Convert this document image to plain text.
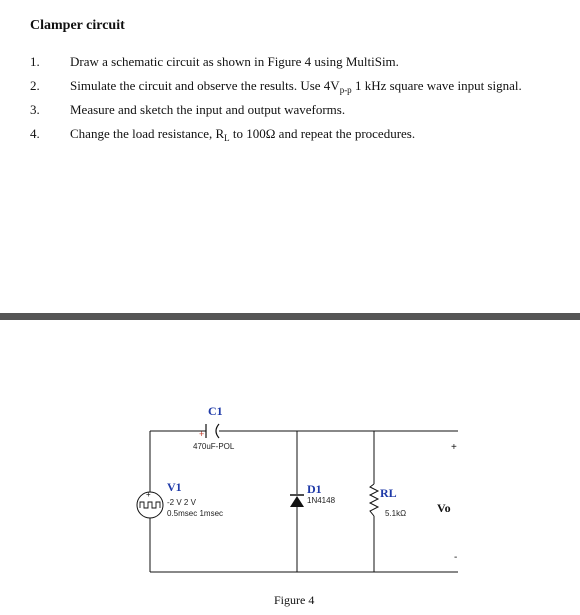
Clamper circuit
1. Draw a schematic circuit as shown in Figure 4 using MultiSim.
2. Simulate the circuit and observe the results. Use $4V_{p-p}$ 1 kHz square wave input signal.
3. Measure and sketch the input and output waveforms.
4. Change the load resistance, $R_L$ to 100Ω and repeat the procedures.
C1
+
470uF-POL
+
V1
-2 V 2 V
0.5msec 1msec
D1
1N4148
RL
5.1kΩ
+
Vo
-
Figure 4
